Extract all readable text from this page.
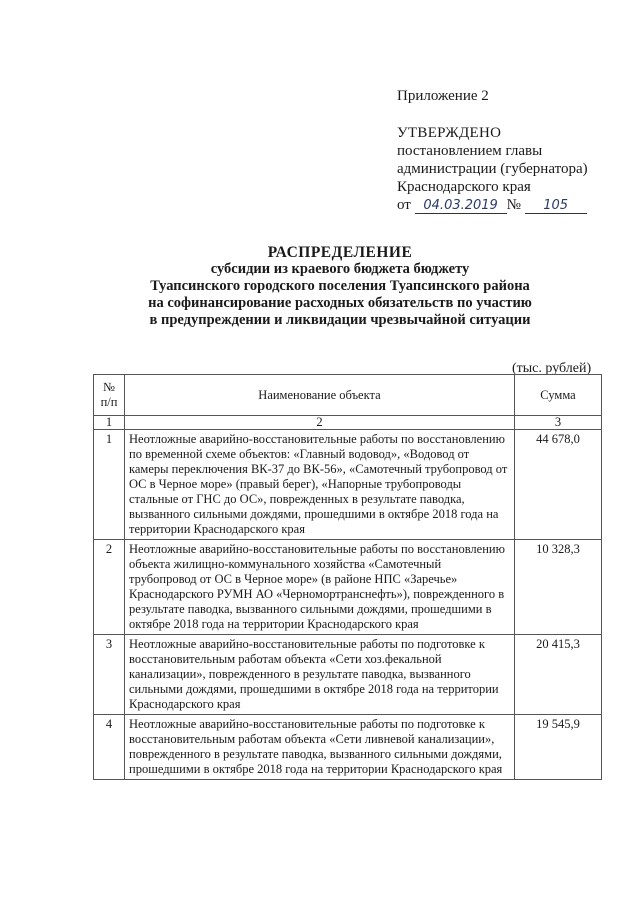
Приложение 2
УТВЕРЖДЕНО
постановлением главы
администрации (губернатора)
Краснодарского края
от 04.03.2019 № 105
РАСПРЕДЕЛЕНИЕ
субсидии из краевого бюджета бюджету
Туапсинского городского поселения Туапсинского района
на софинансирование расходных обязательств по участию
в предупреждении и ликвидации чрезвычайной ситуации
(тыс. рублей)
№ п/п	Наименование объекта	Сумма
1	2	3
1	Неотложные аварийно-восстановительные работы по восстановлению по временной схеме объектов: «Главный водовод», «Водовод от камеры переключения ВК-37 до ВК-56», «Самотечный трубопровод от ОС в Черное море» (правый берег), «Напорные трубопроводы стальные от ГНС до ОС», поврежденных в результате паводка, вызванного сильными дождями, прошедшими в октябре 2018 года на территории Краснодарского края	44 678,0
2	Неотложные аварийно-восстановительные работы по восстановлению объекта жилищно-коммунального хозяйства «Самотечный трубопровод от ОС в Черное море» (в районе НПС «Заречье» Краснодарского РУМН АО «Черномортранснефть»), поврежденного в результате паводка, вызванного сильными дождями, прошедшими в октябре 2018 года на территории Краснодарского края	10 328,3
3	Неотложные аварийно-восстановительные работы по подготовке к восстановительным работам объекта «Сети хоз.фекальной канализации», поврежденного в результате паводка, вызванного сильными дождями, прошедшими в октябре 2018 года на территории Краснодарского края	20 415,3
4	Неотложные аварийно-восстановительные работы по подготовке к восстановительным работам объекта «Сети ливневой канализации», поврежденного в результате паводка, вызванного сильными дождями, прошедшими в октябре 2018 года на территории Краснодарского края	19 545,9
